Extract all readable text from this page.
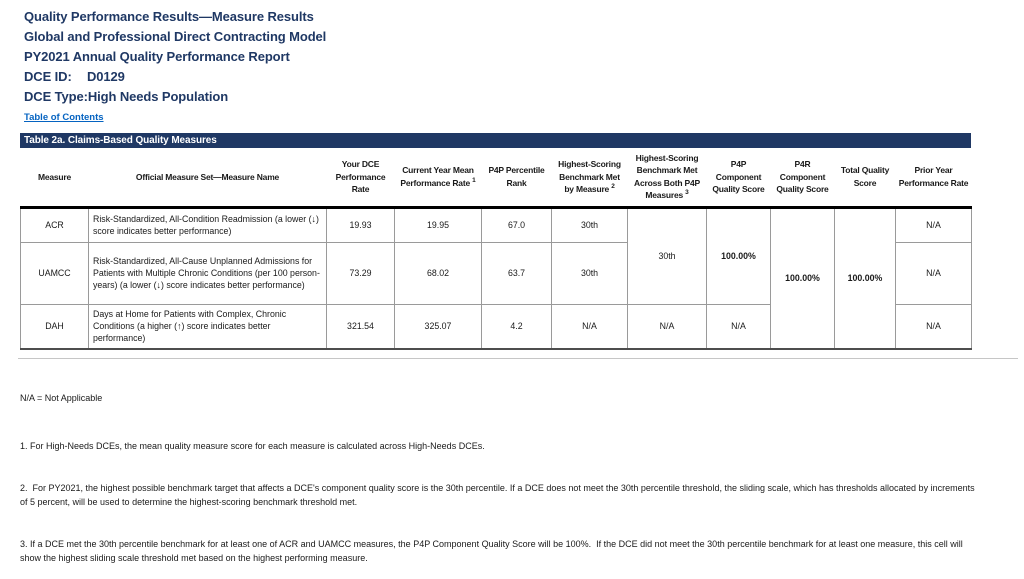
Quality Performance Results—Measure Results
Global and Professional Direct Contracting Model
PY2021 Annual Quality Performance Report
DCE ID: D0129
DCE Type:High Needs Population
Table of Contents
Table 2a. Claims-Based Quality Measures
Measure	Official Measure Set—Measure Name	Your DCE Performance Rate	Current Year Mean Performance Rate $^1$	P4P Percentile Rank	Highest-Scoring Benchmark Met by Measure $^2$	Highest-Scoring Benchmark Met Across Both P4P Measures $^3$	P4P Component Quality Score	P4R Component Quality Score	Total Quality Score	Prior Year Performance Rate
ACR	Risk-Standardized, All-Condition Readmission (a lower (↓) score indicates better performance)	19.93	19.95	67.0	30th	30th	100.00%	100.00%	100.00%	N/A
UAMCC	Risk-Standardized, All-Cause Unplanned Admissions for Patients with Multiple Chronic Conditions (per 100 person-years) (a lower (↓) score indicates better performance)	73.29	68.02	63.7	30th					N/A
DAH	Days at Home for Patients with Complex, Chronic Conditions (a higher (↑) score indicates better performance)	321.54	325.07	4.2	N/A	N/A	N/A			N/A

N/A = Not Applicable

1. For High-Needs DCEs, the mean quality measure score for each measure is calculated across High-Needs DCEs.

2.  For PY2021, the highest possible benchmark target that affects a DCE's component quality score is the 30th percentile. If a DCE does not meet the 30th percentile threshold, the sliding scale, which has thresholds allocated by increments of 5 percent, will be used to determine the highest-scoring benchmark threshold met.

3. If a DCE met the 30th percentile benchmark for at least one of ACR and UAMCC measures, the P4P Component Quality Score will be 100%.  If the DCE did not meet the 30th percentile benchmark for at least one measure, this cell will show the highest sliding scale threshold met based on the highest performing measure.
